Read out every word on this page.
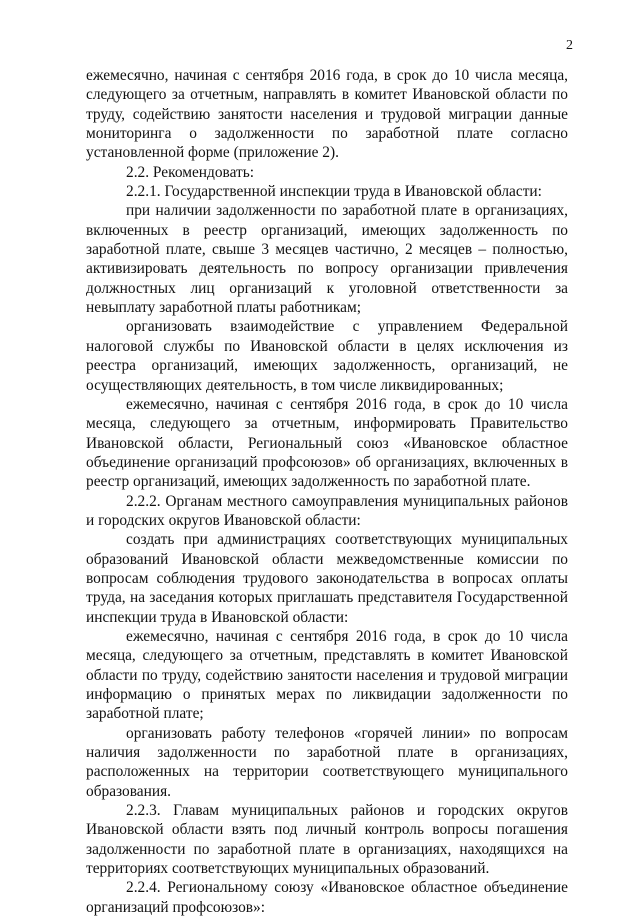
2

ежемесячно, начиная с сентября 2016 года, в срок до 10 числа месяца, следующего за отчетным, направлять в комитет Ивановской области по труду, содействию занятости населения и трудовой миграции данные мониторинга о задолженности по заработной плате согласно установленной форме (приложение 2).

2.2. Рекомендовать:

2.2.1. Государственной инспекции труда в Ивановской области:

при наличии задолженности по заработной плате в организациях, включенных в реестр организаций, имеющих задолженность по заработной плате, свыше 3 месяцев частично, 2 месяцев – полностью, активизировать деятельность по вопросу организации привлечения должностных лиц организаций к уголовной ответственности за невыплату заработной платы работникам;

организовать взаимодействие с управлением Федеральной налоговой службы по Ивановской области в целях исключения из реестра организаций, имеющих задолженность, организаций, не осуществляющих деятельность, в том числе ликвидированных;

ежемесячно, начиная с сентября 2016 года, в срок до 10 числа месяца, следующего за отчетным, информировать Правительство Ивановской области, Региональный союз «Ивановское областное объединение организаций профсоюзов» об организациях, включенных в реестр организаций, имеющих задолженность по заработной плате.

2.2.2. Органам местного самоуправления муниципальных районов и городских округов Ивановской области:

создать при администрациях соответствующих муниципальных образований Ивановской области межведомственные комиссии по вопросам соблюдения трудового законодательства в вопросах оплаты труда, на заседания которых приглашать представителя Государственной инспекции труда в Ивановской области:

ежемесячно, начиная с сентября 2016 года, в срок до 10 числа месяца, следующего за отчетным, представлять в комитет Ивановской области по труду, содействию занятости населения и трудовой миграции информацию о принятых мерах по ликвидации задолженности по заработной плате;

организовать работу телефонов «горячей линии» по вопросам наличия задолженности по заработной плате в организациях, расположенных на территории соответствующего муниципального образования.

2.2.3. Главам муниципальных районов и городских округов Ивановской области взять под личный контроль вопросы погашения задолженности по заработной плате в организациях, находящихся на территориях соответствующих муниципальных образований.

2.2.4. Региональному союзу «Ивановское областное объединение организаций профсоюзов»:
